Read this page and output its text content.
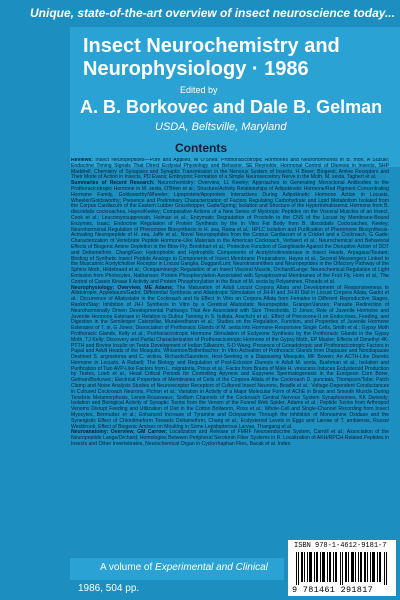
Unique, state-of-the-art overview of insect neuroscience today...
Insect Neurochemistry and Neurophysiology · 1986
Edited by
A. B. Borkovec and Dale B. Gelman
USDA, Beltsville, Maryland
Contents

Reviews: Insect Neuropeptides—Pure and Applied, M O'Shea; Prothoracicotropic Hormones and Neurohormones in B. mori, A Suzuki; Endocrine Timing Signals That Direct Ecdysial Physiology and Behavior, SE Reynolds; Hormonal Control of Diuresis in Insects, SHP Maddrell; Chemistry of Synapses and Synaptic Transmission in the Nervous System of Insects, H Breer; Biogenic Amine Receptors and Their Mode of Action in Insects, PD Evans; Embryonic Formation of a Simple Neurosecretory Nerve in the Moth, M. sexta, Taghert et al.

Summaries of Recent Research: Neurochemistry: Overview, LL Keeley; Approaches to Generating Monoclonal Antibodies to the Prothoracicotropic Hormone in M. sexta, O'Brien et al.; Structure/Activity Relationships of Adipokinetic Hormone/Red Pigment Concentrating Hormone Family, Goldsworthy/Wheeler; Lipoprotein/Apoprotein Interactions During Adipokinetic Hormone Action in Locusts, Wheeler/Goldsworthy; Presence and Preliminary Characterization of Factors Regulating Carbohydrate and Lipid Metabolism Isolated from the Corpus Cardiacum of the Eastern Lubber Grasshopper, Gade/Spring; Isolation and Structure of the Hypertrehalosemic Hormone from B. discoidalis cockroaches, Hayes/Keeley; Comparative Actions of a New Series of Myotropic Peptides on the Visceral Muscles of an Insect, Cook et al.; Leucomyosuppressin, Holman et al.; Enzymatic Degradation of Proctolin in the CNS of the Locust by Membrane-Bound Enzymes, Isaac; Endocrine Regulation of Protein Synthesis by the In Vitro Fat Body from B. discoidalis Cockroaches, Keeley; Neurohormonal Regulation of Pheromone Biosynthesis in H. zea, Raina et al.; HPLC Isolation and Purification of Pheromone Biosynthesis-Activating Neuropeptide of H. zea, Jaffe et al.; Novel Neuropeptides from the Corpus Cardiacum of a Cricket and a Cockroach, G Gade; Characterization of Vertebrate Peptide Hormone-Like Materials in the American Cockroach, Verhaert et al.; Neurochemical and Behavioral Effects of Biogenic Amine Depletion in the Blow Fly, Brookhart et al.; Protective Function of Ganglioside Against the Disruptive Action of DDT and Deltamethrin, Chang/Gao; Hydrophobic and Hydrophilic Components of Acetylcholinesterase in Insect Heads, Arpagaus/Toutant; Binding of Synthetic Insect Peptide Analogs to Components of Insect Membrane Preparations, Hayes et al.; Second Messengers Linked to the Muscarinic Acetylcholine Receptor in Locust Ganglia, Duggan/Lunt; Neurotransmitters and Neuropeptides in the Olfactory Pathway of the Sphinx Moth, Hildebrand et al.; Octopaminergic Regulation of an Insect Visceral Muscle, Orchard/Lange; Neurochemical Regulation of Light Emission from Photocytes, Nathanson; Protein Phosphorylation Associated with Synaptosomal Membranes of the Fruit Fly, Horn et al.; The Control of Casein Kinase II Activity and Protein Phosphorylation in the Brain of M. sexta by Polyamines, Rhoads et al.

Neurophysiology: Overview, ME Adams; The Maturation of Adult Locust Corpora Allata and Development of Responsiveness to Allatotropin, Applebaum/Gadot; Differential Synthesis and Allatotropic Stimulation of JH-III and JH-III Diol in Locust Corpora Allata, Gadot et al.; Occurrence of Allatostatin in the Cockroach and Its Effect In Vitro on Corpora Allata from Females in Different Reproductive Stages, Rankin/Stay; Inhibition of JH-I Synthesis In Vitro by a Cerebral Allatostatic Neuropeptide, Granger/Janzen; Parasite Redirection of Neurohormonally Driven Developmental Pathways That Are Associated with Size Thresholds, D Jones; Role of Juvenile Hormone and Juvenile Hormone Esterase in Relation to Dufour Tanning in S. bullata, Arachchi et al.; Effect of Precocene-II on Endocrines, Feeding, and Digestion in the Semilooper Caterpillar, Muraleedharan et al.; Studies on the Regulation, Function, and Properties of Juvenile Hormone Esterases of T. ni, G Jones; Dissociation of Prothoracic Glands of M. sexta into Hormone-Responsive Single Cells, Smith et al.; Gypsy Moth Prothoracic Glands, Kelly et al.; Prothoracicotropic Hormone Stimulation of Ecdysone Synthesis by the Prothoracic Glands in the Gypsy Moth, TJ Kelly; Discovery and Partial Characterization of Prothoracicotropic Hormone of the Gypsy Moth, EP Masler; Effects of Dimethyl 4K-PTTH and Bovine Insulin on Testis Development of Indian Silkworm, S-D Wang; Presence of Gonadotropic and Prothoracicotropic Factors in Pupal and Adult Heads of the Mosquito, Whisenton/Bollenbacher; In Vitro Activation of Prothoracic Glands from Diapause and Nondiapause Destined S. argrostoma and C. victina, Richards/Saunders; Host-Seeking in a Diapausing Mosquito, MF Bowen; An ACTH-Like Diuretic Hormone in Locusts, A Rafaeli; The Biology and Regulation of Post-Eclosion Diuresis in Adult M. sexta, Bushman et al.; Isolation and Purification of Two AVP-Like Factors from L. migratoria, Proux et al.; Factor from Brains of Male H. virescens Induces Ecdysteroid Production by Testes, Loeb et al.; Head Critical Periods for Controlling Apyrene and Eupyrene Spermatogenesis in the European Corn Borer, Gelman/Borkovec; Electrical Properties of Membranes of Cells of the Corpora Allata of the Cockroach D. punctata, Thompson/Tobe; Patch Clamp and Noise Analysis Studies of Neuroreceptor Receptors of Cultured Insect Neurons, Beadle et al.; Voltage-Dependent Conductances in Cultured Cockroach Neurons, Pichon et al.; Variation in Activity of a Major Molecular Form of AChE in Brain and Smooth Muscle During Tenebrio Metamorphosis, Lenoir-Rousseaux; Sodium Channels of the Cockroach Central Nervous System Synaptosomes, KK Dwivedy; Isolation and Biological Activity of Synaptic Toxins from the Venom of the Funnel Web Spider, Adams et al.; Peptide Toxins from Arthropod Venoms Disrupt Feeding and Utilization of Diet in the Cotton Bollworm, Ross et al.; Whole-Cell and Single-Channel Recording from Insect Myocytes, Bermudez et al.; Enhanced Increase of Tyramine and Octopamine Through the Inhibition of Monoamine Oxidase and the Synergistic Effect of Chlordimeform Towards Deltamethrin, Chang et al.; Ecdysteroid Levels in Eggs and Larvae of T. ambiensis, Russo/ Westbrook; Effect of Biogenic Amines on Moulting in Some Lepidopterous Larvae, Thangaraj et al.

Neuroanatomy: Overview, GM Carrow; Localization and Release of FMRF Neuroendocrine System, Carroll et al.; Association of the Neuropeptide Lange/Orchard; Homologies Between Peripheral Serotonin Fiber Systems in R. Localization of AKH/RPCH-Related Peptides in Insects and Other Invertebrates, Neurochemical Organ in Cyclorrhaphan Flies, Bacak et al. Index.

A volume of Experimental and Clinical
1986, 504 pp.
ISBN 978-1-4612-9181-7
9 781461 291817
